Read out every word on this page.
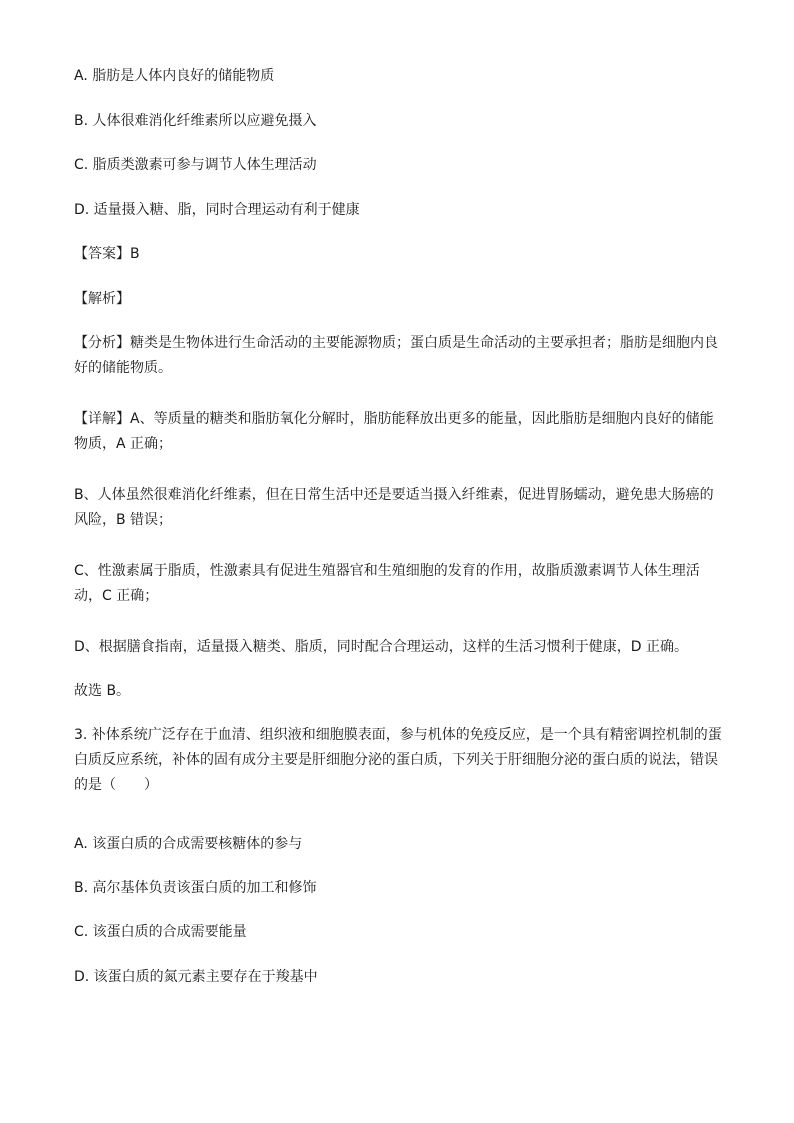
A. 脂肪是人体内良好的储能物质
B. 人体很难消化纤维素所以应避免摄入
C. 脂质类激素可参与调节人体生理活动
D. 适量摄入糖、脂，同时合理运动有利于健康
【答案】B
【解析】
【分析】糖类是生物体进行生命活动的主要能源物质；蛋白质是生命活动的主要承担者；脂肪是细胞内良好的储能物质。
【详解】A、等质量的糖类和脂肪氧化分解时，脂肪能释放出更多的能量，因此脂肪是细胞内良好的储能物质，A 正确；
B、人体虽然很难消化纤维素，但在日常生活中还是要适当摄入纤维素，促进胃肠蠕动，避免患大肠癌的风险，B 错误；
C、性激素属于脂质，性激素具有促进生殖器官和生殖细胞的发育的作用，故脂质激素调节人体生理活动，C 正确；
D、根据膳食指南，适量摄入糖类、脂质，同时配合合理运动，这样的生活习惯利于健康，D 正确。
故选 B。
3. 补体系统广泛存在于血清、组织液和细胞膜表面，参与机体的免疫反应，是一个具有精密调控机制的蛋白质反应系统，补体的固有成分主要是肝细胞分泌的蛋白质，下列关于肝细胞分泌的蛋白质的说法，错误的是（　　）
A. 该蛋白质的合成需要核糖体的参与
B. 高尔基体负责该蛋白质的加工和修饰
C. 该蛋白质的合成需要能量
D. 该蛋白质的氮元素主要存在于羧基中
